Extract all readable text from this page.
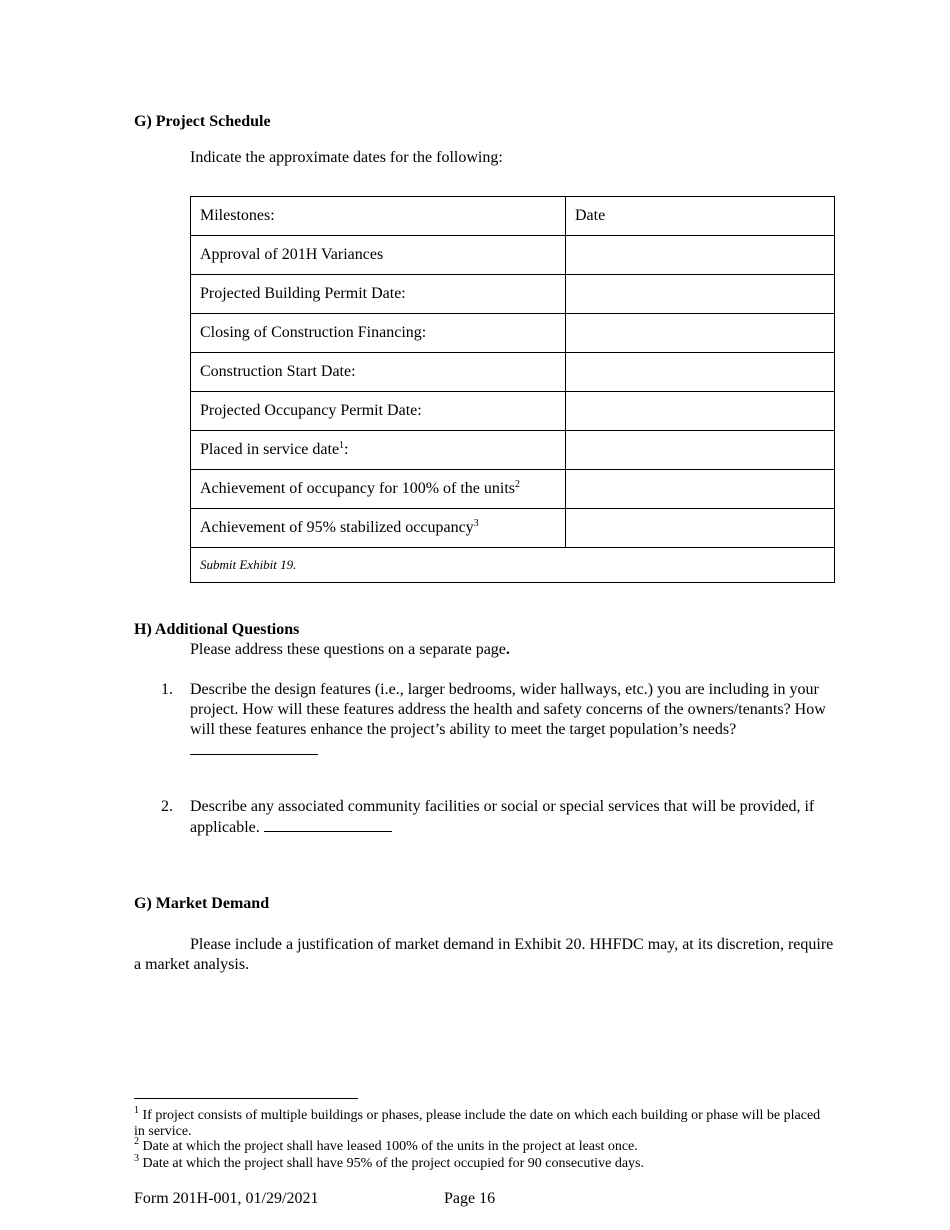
G) Project Schedule
Indicate the approximate dates for the following:
Milestones:	Date
Approval of 201H Variances	
Projected Building Permit Date:	
Closing of Construction Financing:	
Construction Start Date:	
Projected Occupancy Permit Date:	
Placed in service date$^1$:	
Achievement of occupancy for 100% of the units$^2$	
Achievement of 95% stabilized occupancy$^3$	
Submit Exhibit 19.	
H) Additional Questions
Please address these questions on a separate page.
1. Describe the design features (i.e., larger bedrooms, wider hallways, etc.) you are including in your project. How will these features address the health and safety concerns of the owners/tenants? How will these features enhance the project’s ability to meet the target population’s needs?
2. Describe any associated community facilities or social or special services that will be provided, if applicable.
G) Market Demand
Please include a justification of market demand in Exhibit 20. HHFDC may, at its discretion, require a market analysis.
$^1$ If project consists of multiple buildings or phases, please include the date on which each building or phase will be placed in service.
$^2$ Date at which the project shall have leased 100% of the units in the project at least once.
$^3$ Date at which the project shall have 95% of the project occupied for 90 consecutive days.
Form 201H-001, 01/29/2021	Page 16
